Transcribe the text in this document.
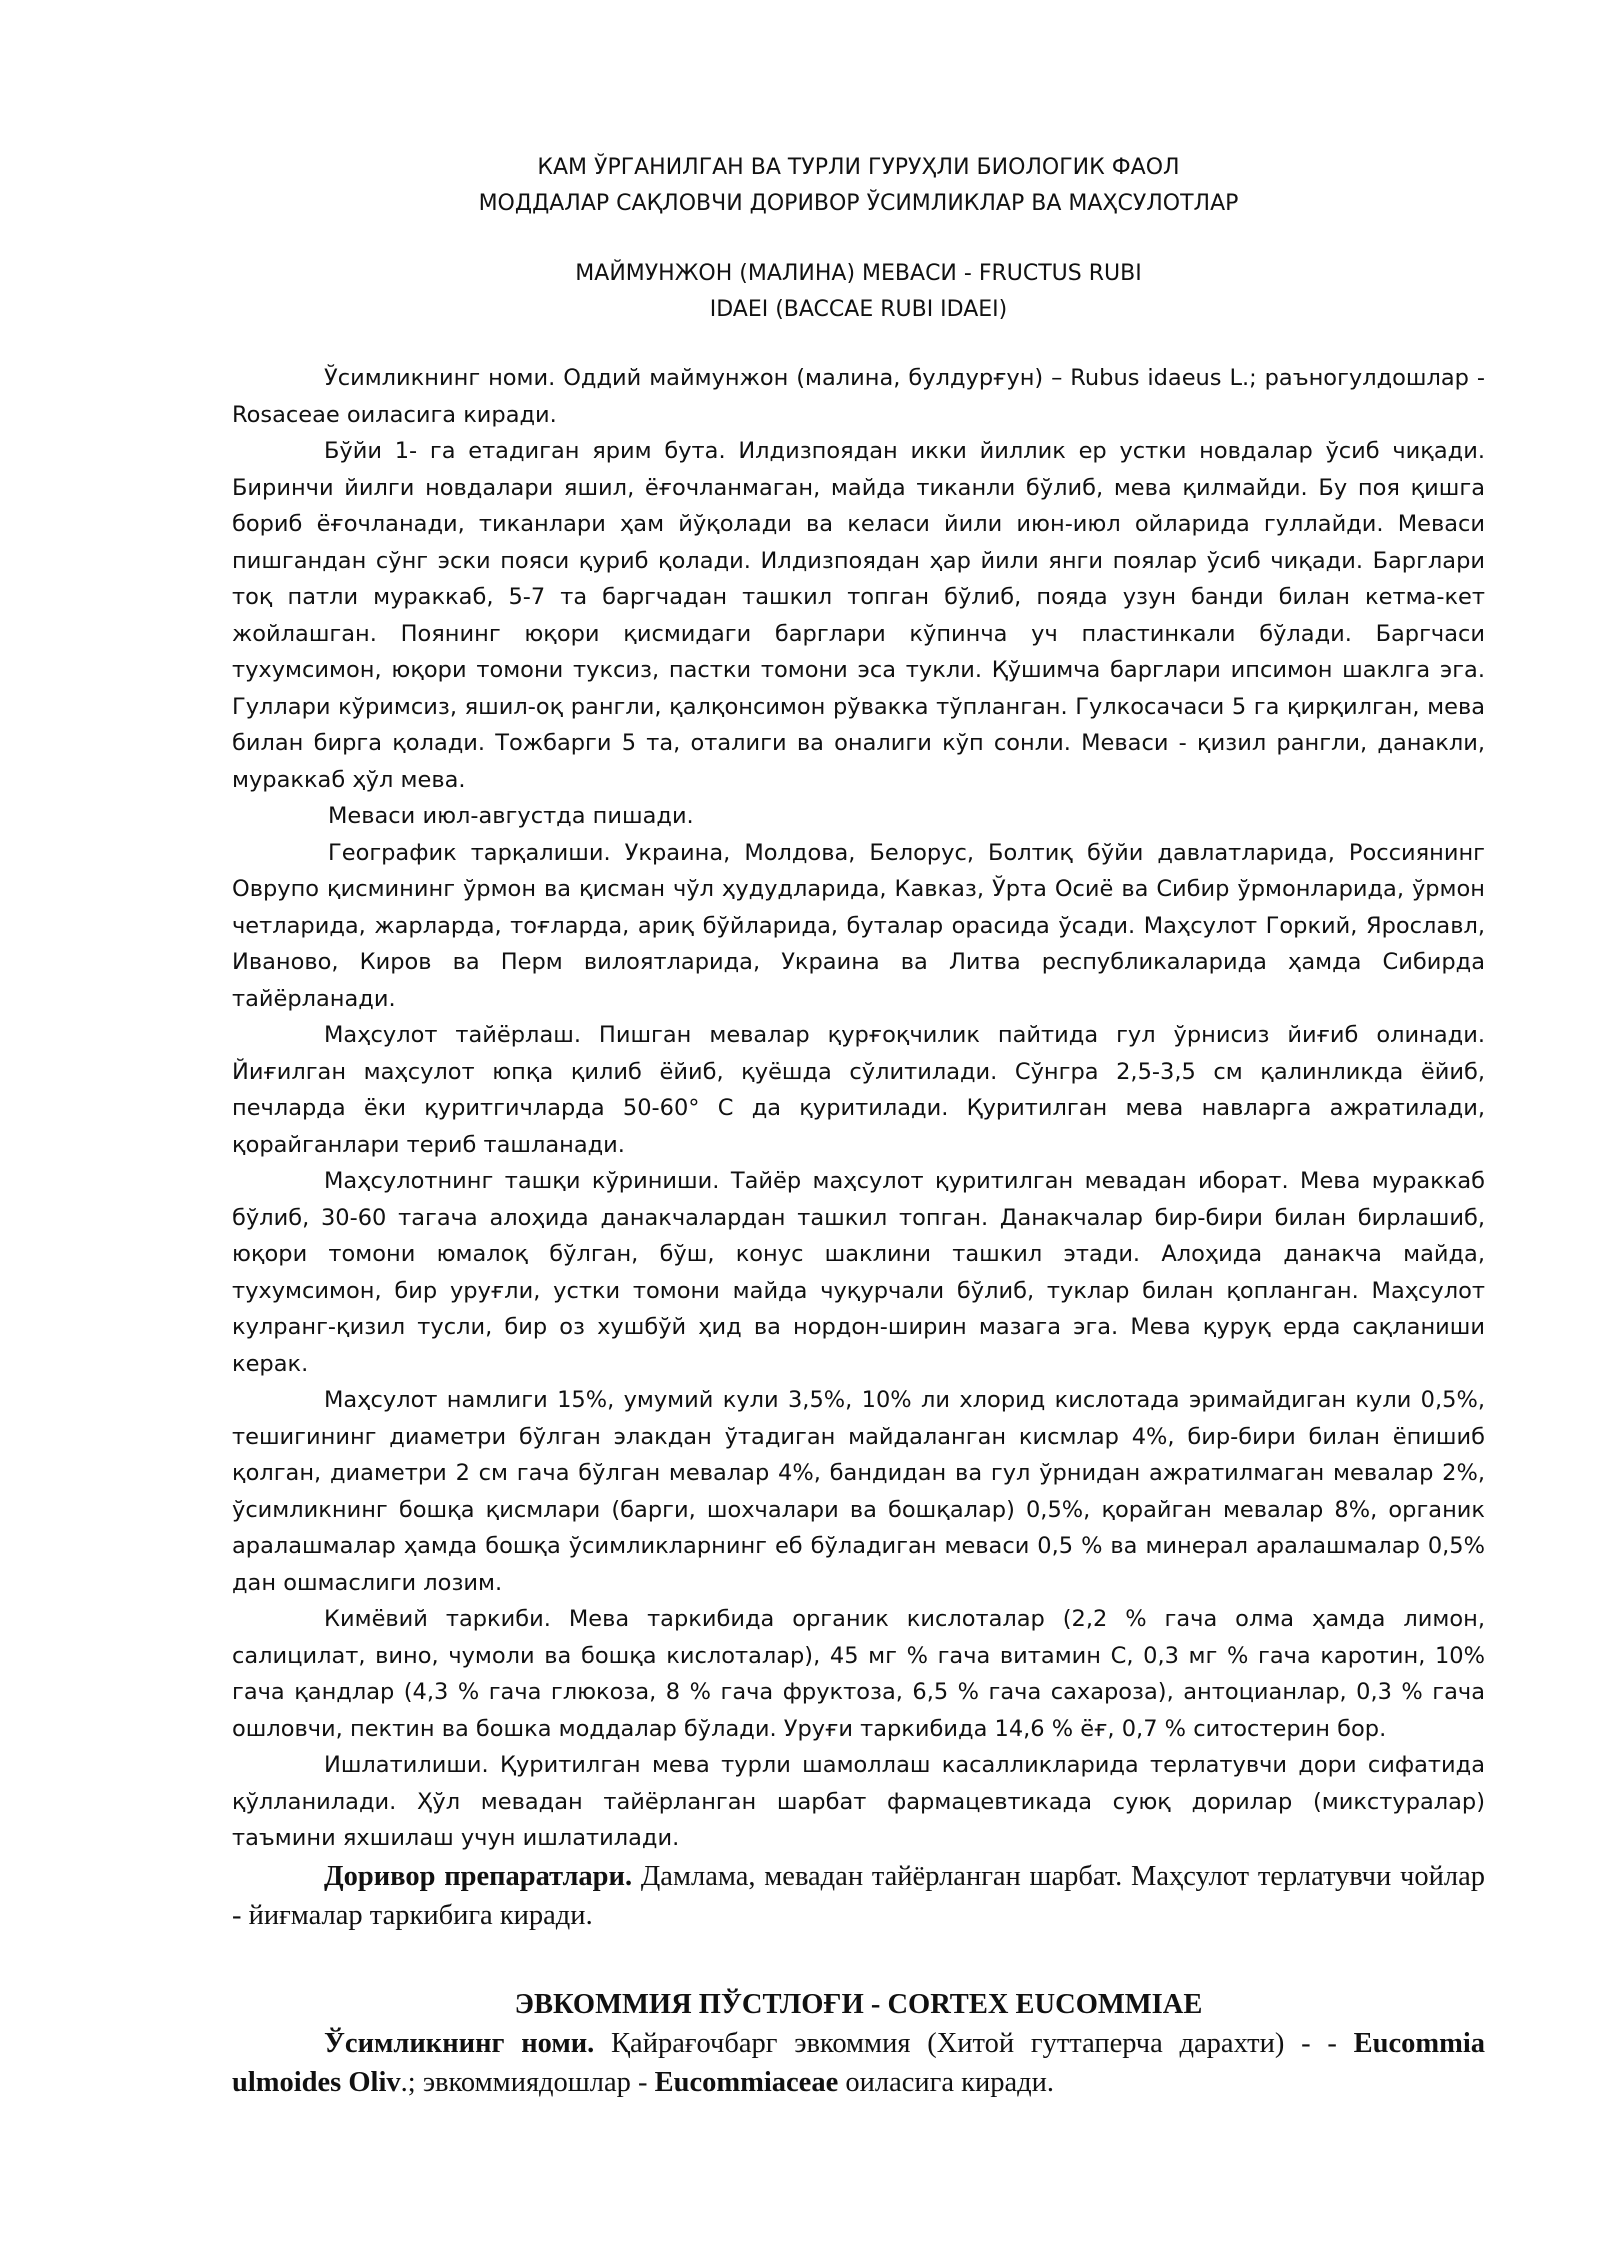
КАМ ЎРГАНИЛГАН ВА ТУРЛИ ГУРУҲЛИ БИОЛОГИК ФАОЛ

МОДДАЛАР САҚЛОВЧИ ДОРИВОР ЎСИМЛИКЛАР ВА МАҲСУЛОТЛАР

МАЙМУНЖОН (МАЛИНА) МЕВАСИ - FRUCTUS RUBI

IDAEI (BACCAE RUBI IDAEI)

Ўсимликнинг номи. Оддий маймунжон (малина, булдурғун) – Rubus idaeus L.; раъногулдошлар - Rosaceae оиласига киради.

Бўйи 1- га етадиган ярим бута. Илдизпоядан икки йиллик ер устки новдалар ўсиб чиқади. Биринчи йилги новдалари яшил, ёғочланмаган, майда тиканли бўлиб, мева қилмайди. Бу поя қишга бориб ёғочланади, тиканлари ҳам йўқолади ва келаси йили июн-июл ойларида гуллайди. Меваси пишгандан сўнг эски пояси қуриб қолади. Илдизпоядан ҳар йили янги поялар ўсиб чиқади. Барглари тоқ патли мураккаб, 5-7 та баргчадан ташкил топган бўлиб, пояда узун банди билан кетма-кет жойлашган. Поянинг юқори қисмидаги барглари кўпинча уч пластинкали бўлади. Баргчаси тухумсимон, юқори томони туксиз, пастки томони эса тукли. Қўшимча барглари ипсимон шаклга эга. Гуллари кўримсиз, яшил-оқ рангли, қалқонсимон рўвакка тўпланган. Гулкосачаси 5 га қирқилган, мева билан бирга қолади. Тожбарги 5 та, оталиги ва оналиги кўп сонли. Меваси - қизил рангли, данакли, мураккаб ҳўл мева.

Меваси июл-августда пишади.

Географик тарқалиши. Украина, Молдова, Белорус, Болтиқ бўйи давлатларида, Россиянинг Оврупо қисмининг ўрмон ва қисман чўл ҳудудларида, Кавказ, Ўрта Осиё ва Сибир ўрмонларида, ўрмон четларида, жарларда, тоғларда, ариқ бўйларида, буталар орасида ўсади. Маҳсулот Горкий, Ярославл, Иваново, Киров ва Перм вилоятларида, Украина ва Литва республикаларида ҳамда Сибирда тайёрланади.

Маҳсулот тайёрлаш. Пишган мевалар қурғоқчилик пайтида гул ўрнисиз йиғиб олинади. Йиғилган маҳсулот юпқа қилиб ёйиб, қуёшда сўлитилади. Сўнгра 2,5-3,5 см қалинликда ёйиб, печларда ёки қуритгичларда 50-60° С да қуритилади. Қуритилган мева навларга ажратилади, қорайганлари териб ташланади.

Маҳсулотнинг ташқи кўриниши. Тайёр маҳсулот қуритилган мевадан иборат. Мева мураккаб бўлиб, 30-60 тагача алоҳида данакчалардан ташкил топган. Данакчалар бир-бири билан бирлашиб, юқори томони юмалоқ бўлган, бўш, конус шаклини ташкил этади. Алоҳида данакча майда, тухумсимон, бир уруғли, устки томони майда чуқурчали бўлиб, туклар билан қопланган. Маҳсулот кулранг-қизил тусли, бир оз хушбўй ҳид ва нордон-ширин мазага эга. Мева қуруқ ерда сақланиши керак.

Маҳсулот намлиги 15%, умумий кули 3,5%, 10% ли хлорид кислотада эримайдиган кули 0,5%, тешигининг диаметри бўлган элакдан ўтадиган майдаланган кисмлар 4%, бир-бири билан ёпишиб қолган, диаметри 2 см гача бўлган мевалар 4%, бандидан ва гул ўрнидан ажратилмаган мевалар 2%, ўсимликнинг бошқа қисмлари (барги, шохчалари ва бошқалар) 0,5%, қорайган мевалар 8%, органик аралашмалар ҳамда бошқа ўсимликларнинг еб бўладиган меваси 0,5 % ва минерал аралашмалар 0,5% дан ошмаслиги лозим.

Кимёвий таркиби. Мева таркибида органик кислоталар (2,2 % гача олма ҳамда лимон, салицилат, вино, чумоли ва бошқа кислоталар), 45 мг % гача витамин С, 0,3 мг % гача каротин, 10% гача қандлар (4,3 % гача глюкоза, 8 % гача фруктоза, 6,5 % гача сахароза), антоцианлар, 0,3 % гача ошловчи, пектин ва бошка моддалар бўлади. Уруғи таркибида 14,6 % ёғ, 0,7 % ситостерин бор.

Ишлатилиши. Қуритилган мева турли шамоллаш касалликларида терлатувчи дори сифатида қўлланилади. Ҳўл мевадан тайёрланган шарбат фармацевтикада суюқ дорилар (микстуралар) таъмини яхшилаш учун ишлатилади.

Доривор препаратлари. Дамлама, мевадан тайёрланган шарбат. Маҳсулот терлатувчи чойлар - йиғмалар таркибига киради.

ЭВКОММИЯ ПЎСТЛОҒИ - CORTEX EUCOMMIAE

Ўсимликнинг номи. Қайрағочбарг эвкоммия (Хитой гуттаперча дарахти) - - Eucommia ulmoides Oliv.; эвкоммиядошлар - Eucommiaceae оиласига киради.
